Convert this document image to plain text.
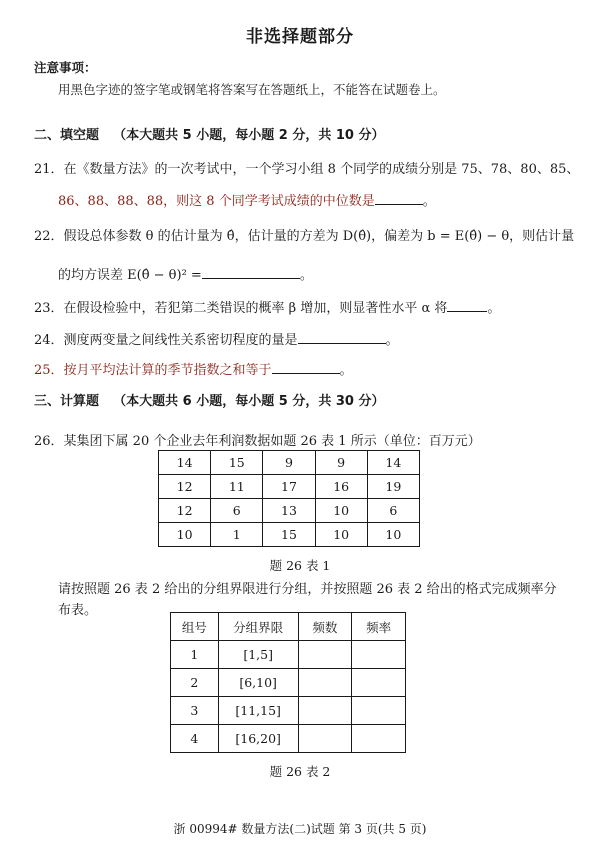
非选择题部分
注意事项：
用黑色字迹的签字笔或钢笔将答案写在答题纸上，不能答在试题卷上。
二、填空题 （本大题共 5 小题，每小题 2 分，共 10 分）
21．在《数量方法》的一次考试中，一个学习小组 8 个同学的成绩分别是 75、78、80、85、
86、88、88、88，则这 8 个同学考试成绩的中位数是	。
22．假设总体参数 θ 的估计量为 θ̂，估计量的方差为 D(θ̂)，偏差为 b = E(θ̂) − θ，则估计量
的均方误差 E(θ̂ − θ)² =	。
23．在假设检验中，若犯第二类错误的概率 β 增加，则显著性水平 α 将	。
24．测度两变量之间线性关系密切程度的量是	。
25．按月平均法计算的季节指数之和等于	。
三、计算题 （本大题共 6 小题，每小题 5 分，共 30 分）
26．某集团下属 20 个企业去年利润数据如题 26 表 1 所示（单位：百万元）
14	15	9	9	14
12	11	17	16	19
12	6	13	10	6
10	1	15	10	10
题 26 表 1
请按照题 26 表 2 给出的分组界限进行分组，并按照题 26 表 2 给出的格式完成频率分
布表。
组号	分组界限	频数	频率
1	[1,5]		
2	[6,10]		
3	[11,15]		
4	[16,20]		
题 26 表 2
浙 00994# 数量方法(二)试题 第 3 页(共 5 页)
